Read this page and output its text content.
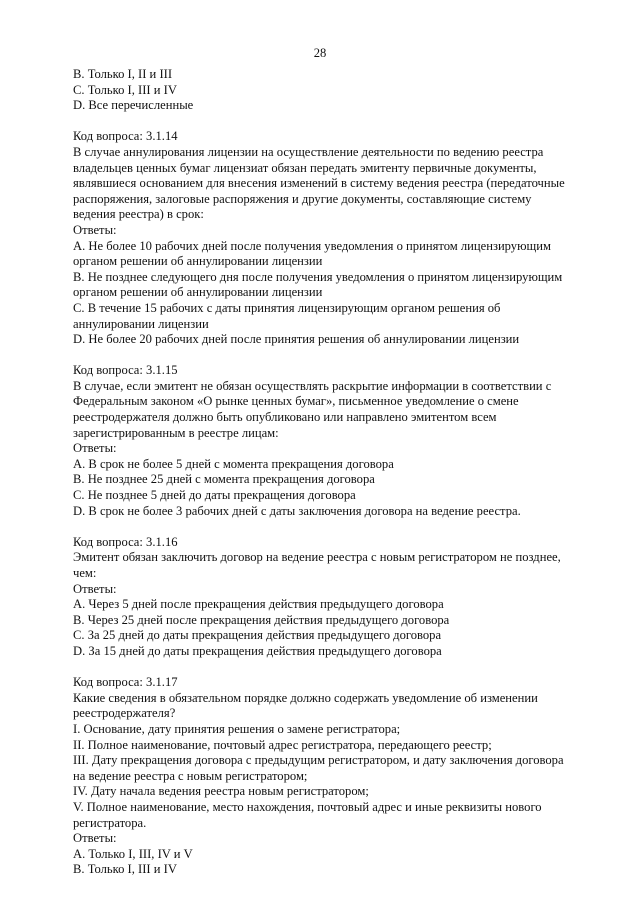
28
B. Только I, II и III
C. Только I, III и IV
D. Все перечисленные
Код вопроса: 3.1.14
В случае аннулирования лицензии на осуществление деятельности по ведению реестра
владельцев ценных бумаг лицензиат обязан передать эмитенту первичные документы,
являвшиеся основанием для внесения изменений в систему ведения реестра (передаточные
распоряжения, залоговые распоряжения и другие документы, составляющие систему
ведения реестра) в срок:
Ответы:
A. Не более 10 рабочих дней после получения уведомления о принятом лицензирующим
органом решении об аннулировании лицензии
B. Не позднее следующего дня после получения уведомления о принятом лицензирующим
органом решении об аннулировании лицензии
C. В течение 15 рабочих с даты принятия лицензирующим органом решения об
аннулировании лицензии
D. Не более 20 рабочих дней после принятия решения об аннулировании лицензии
Код вопроса: 3.1.15
В случае, если эмитент не обязан осуществлять раскрытие информации в соответствии с
Федеральным законом «О рынке ценных бумаг», письменное уведомление о смене
реестродержателя должно быть опубликовано или направлено эмитентом всем
зарегистрированным в реестре лицам:
Ответы:
A. В срок не более 5 дней с момента прекращения договора
B. Не позднее 25 дней с момента прекращения договора
C. Не позднее 5 дней до даты прекращения договора
D. В срок не более 3 рабочих дней с даты заключения договора на ведение реестра.
Код вопроса: 3.1.16
Эмитент обязан заключить договор на ведение реестра с новым регистратором не позднее,
чем:
Ответы:
A. Через 5 дней после прекращения действия предыдущего договора
B. Через 25 дней после прекращения действия предыдущего договора
C. За 25 дней до даты прекращения действия предыдущего договора
D. За 15 дней до даты прекращения действия предыдущего договора
Код вопроса: 3.1.17
Какие сведения в обязательном порядке должно содержать уведомление об изменении
реестродержателя?
I. Основание, дату принятия решения о замене регистратора;
II. Полное наименование, почтовый адрес регистратора, передающего реестр;
III. Дату прекращения договора с предыдущим регистратором, и дату заключения договора
на ведение реестра с новым регистратором;
IV. Дату начала ведения реестра новым регистратором;
V. Полное наименование, место нахождения, почтовый адрес и иные реквизиты нового
регистратора.
Ответы:
A. Только I, III, IV и V
B. Только I, III и IV
